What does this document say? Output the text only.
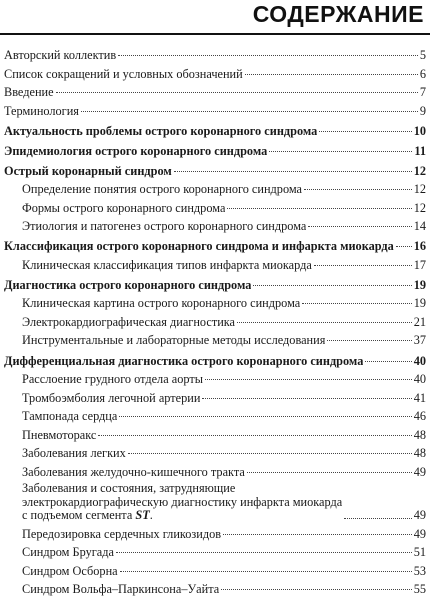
СОДЕРЖАНИЕ
Авторский коллектив	5
Список сокращений и условных обозначений	6
Введение	7
Терминология	9
Актуальность проблемы острого коронарного синдрома	10
Эпидемиология острого коронарного синдрома	11
Острый коронарный синдром	12
Определение понятия острого коронарного синдрома	12
Формы острого коронарного синдрома	12
Этиология и патогенез острого коронарного синдрома	14
Классификация острого коронарного синдрома и инфаркта миокарда 16
Клиническая классификация типов инфаркта миокарда	17
Диагностика острого коронарного синдрома	19
Клиническая картина острого коронарного синдрома	19
Электрокардиографическая диагностика	21
Инструментальные и лабораторные методы исследования	37
Дифференциальная диагностика острого коронарного синдрома	40
Расслоение грудного отдела аорты	40
Тромбоэмболия легочной артерии	41
Тампонада сердца	46
Пневмоторакс	48
Заболевания легких	48
Заболевания желудочно-кишечного тракта	49
Заболевания и состояния, затрудняющие
электрокардиографическую диагностику инфаркта миокарда
с подъемом сегмента ST.	49
Передозировка сердечных гликозидов	49
Синдром Бругада	51
Синдром Осборна	53
Синдром Вольфа–Паркинсона–Уайта	55
